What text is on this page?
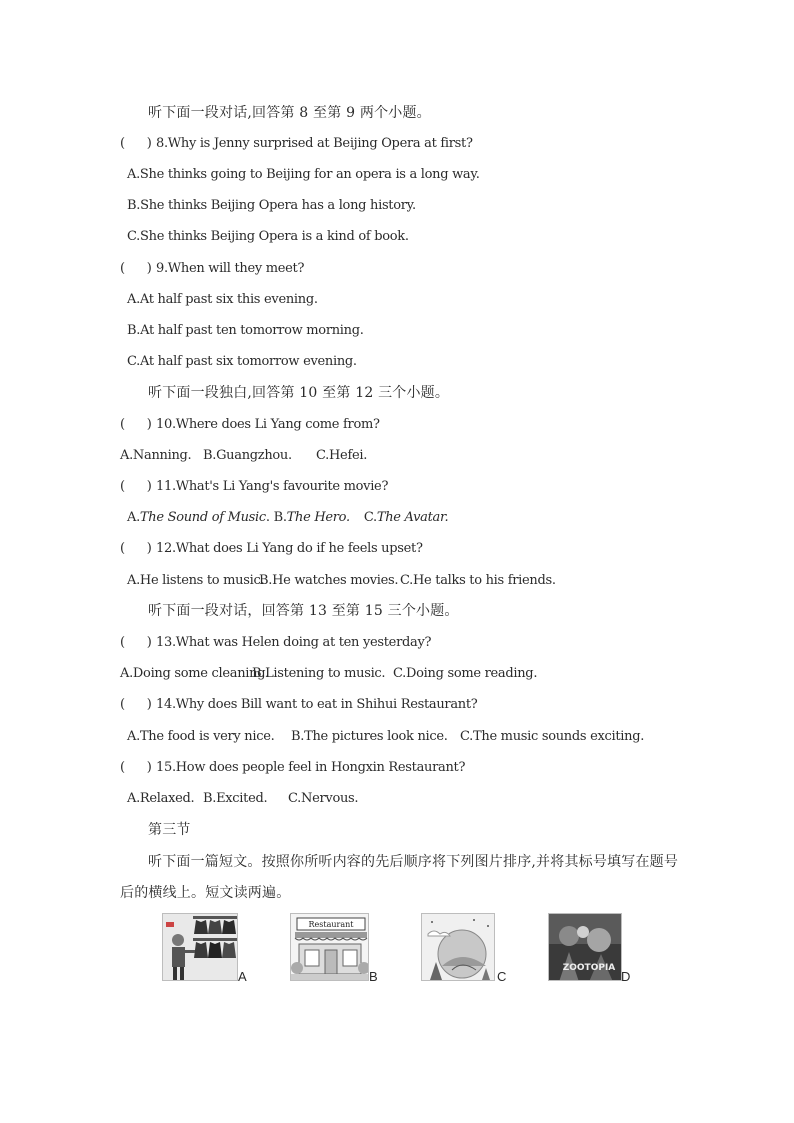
听下面一段对话,回答第 8 至第 9 两个小题。
( ) 8.Why is Jenny surprised at Beijing Opera at first?
A.She thinks going to Beijing for an opera is a long way.
B.She thinks Beijing Opera has a long history.
C.She thinks Beijing Opera is a kind of book.
( ) 9.When will they meet?
A.At half past six this evening.
B.At half past ten tomorrow morning.
C.At half past six tomorrow evening.
听下面一段独白,回答第 10 至第 12 三个小题。
( ) 10.Where does Li Yang come from?
A.Nanning. B.Guangzhou. C.Hefei.
( ) 11.What's Li Yang's favourite movie?
A.The Sound of Music. B.The Hero. C.The Avatar.
( ) 12.What does Li Yang do if he feels upset?
A.He listens to music.B.He watches movies. C.He talks to his friends.
听下面一段对话，回答第 13 至第 15 三个小题。
( ) 13.What was Helen doing at ten yesterday?
A.Doing some cleaning.B.Listening to music. C.Doing some reading.
( ) 14.Why does Bill want to eat in Shihui Restaurant?
A.The food is very nice. B.The pictures look nice. C.The music sounds exciting.
( ) 15.How does people feel in Hongxin Restaurant?
A.Relaxed. B.Excited. C.Nervous.
第三节
听下面一篇短文。按照你所听内容的先后顺序将下列图片排序,并将其标号填写在题号
后的横线上。短文读两遍。
A
Restaurant
B	C
ZOOTOPIA
D
